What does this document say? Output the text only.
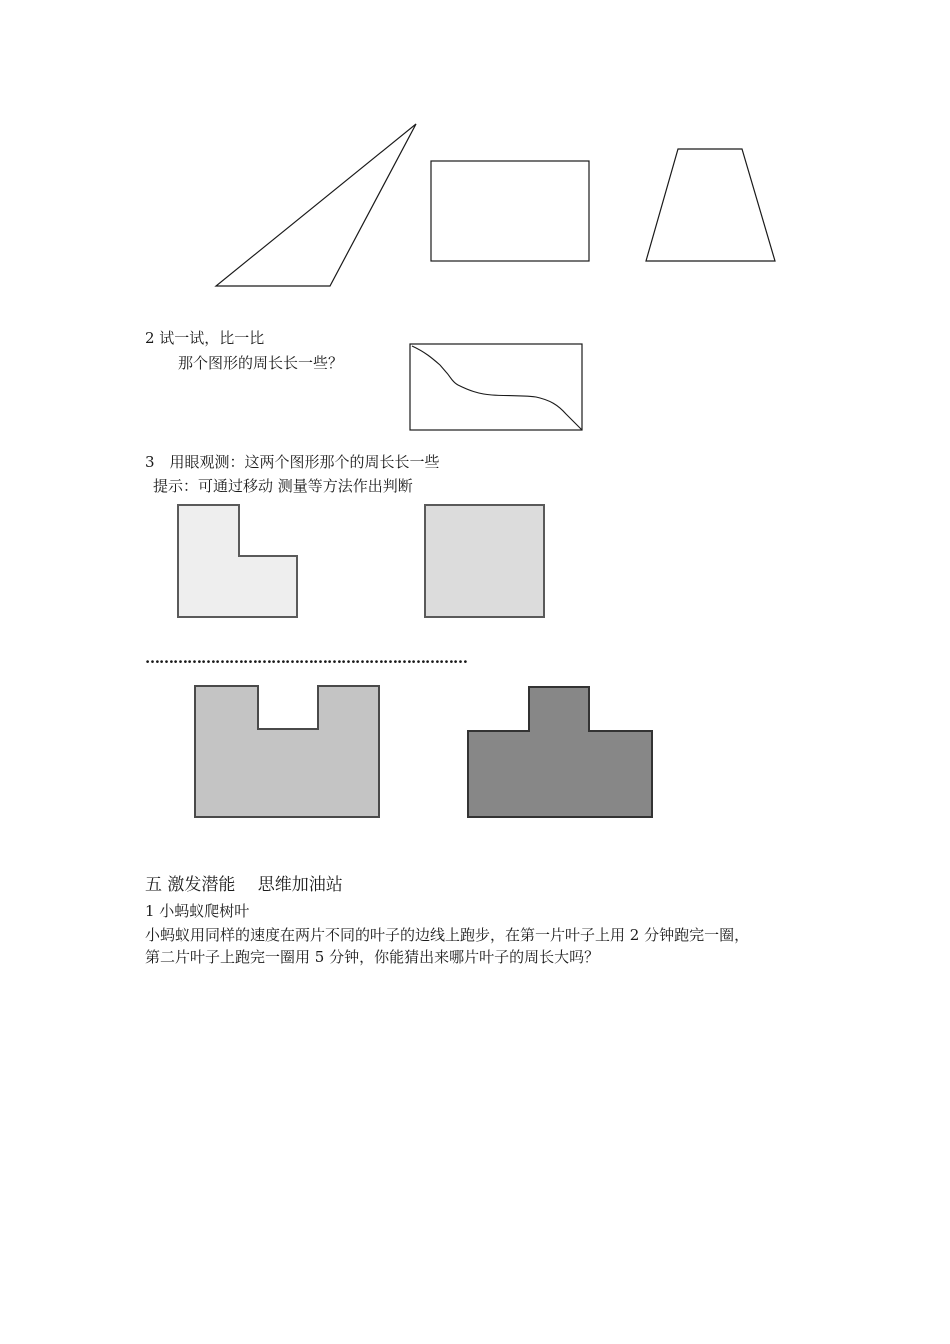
2 试一试，比一比
那个图形的周长长一些？
3　用眼观测：这两个图形那个的周长长一些
提示：可通过移动 测量等方法作出判断
……………………………………………………………
五 激发潜能　 思维加油站
1 小蚂蚁爬树叶
小蚂蚁用同样的速度在两片不同的叶子的边线上跑步，在第一片叶子上用 2 分钟跑完一圈，
第二片叶子上跑完一圈用 5 分钟，你能猜出来哪片叶子的周长大吗？
